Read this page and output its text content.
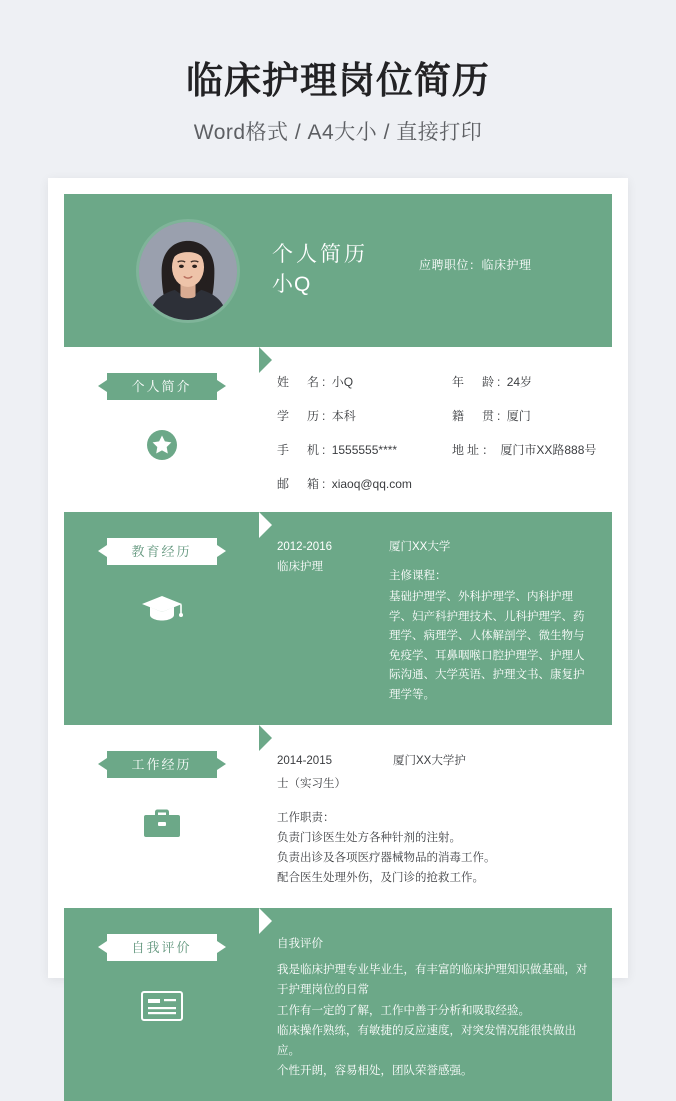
临床护理岗位简历
Word格式 / A4大小 / 直接打印
个人简历
小Q
应聘职位：临床护理
个人简介	姓　名: 小Q	年　龄: 24岁
学　历: 本科	籍　贯: 厦门
手　机: 1555555****	地址： 厦门市XX路888号
邮　箱: xiaoq@qq.com
教育经历	2012-2016
临床护理
厦门XX大学
主修课程：
基础护理学、外科护理学、内科护理学、妇产科护理技术、儿科护理学、药理学、病理学、人体解剖学、微生物与免疫学、耳鼻咽喉口腔护理学、护理人际沟通、大学英语、护理文书、康复护理学等。
工作经历	2014-2015	厦门XX大学护
士（实习生）
工作职责：
负责门诊医生处方各种针剂的注射。
负责出诊及各项医疗器械物品的消毒工作。
配合医生处理外伤，及门诊的抢救工作。
自我评价	自我评价
我是临床护理专业毕业生，有丰富的临床护理知识做基础，对于护理岗位的日常
工作有一定的了解，工作中善于分析和吸取经验。
临床操作熟练，有敏捷的反应速度，对突发情况能很快做出应。
个性开朗，容易相处，团队荣誉感强。
